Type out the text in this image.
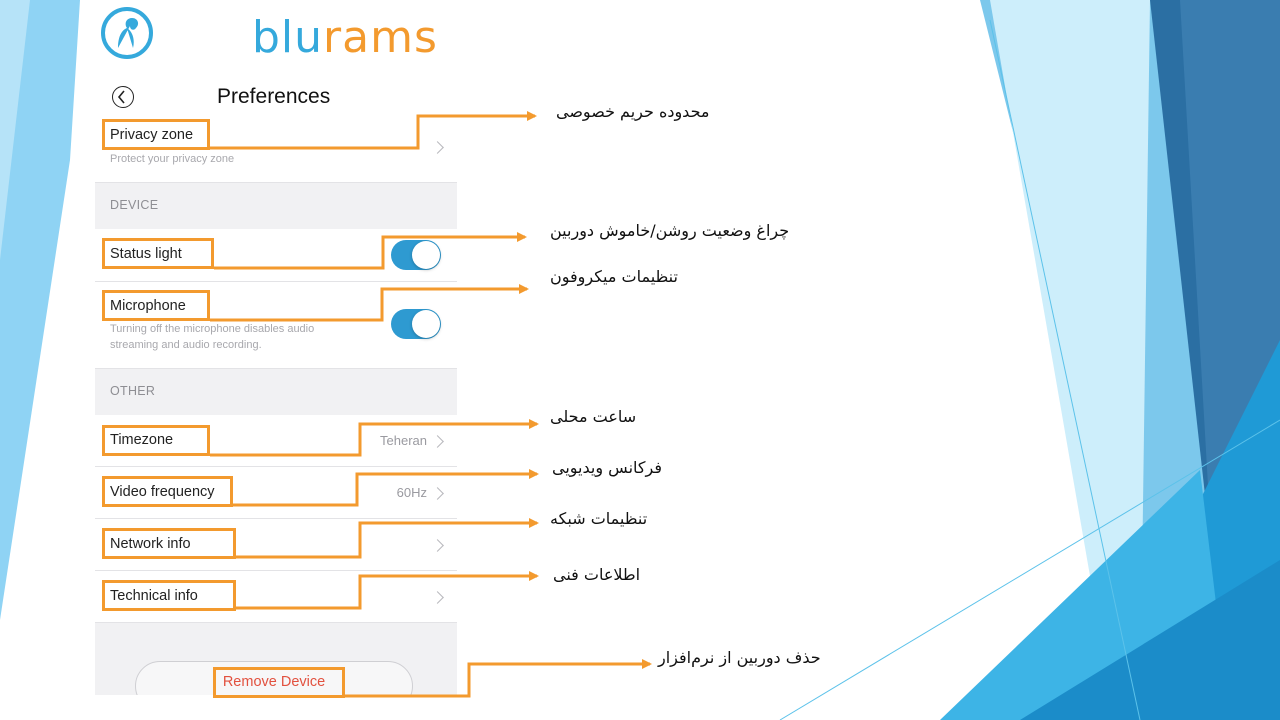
blurams
Preferences
Privacy zone
Protect your privacy zone
DEVICE
Status light
Microphone
Turning off the microphone disables audio streaming and audio recording.
OTHER
Timezone	Teheran
Video frequency	60Hz
Network info
Technical info
Remove Device
محدوده حریم خصوصی
چراغ وضعیت روشن/خاموش دوربین
تنظیمات میکروفون
ساعت محلی
فرکانس ویدیویی
تنظیمات شبکه
اطلاعات فنی
حذف دوربین از نرم‌افزار
